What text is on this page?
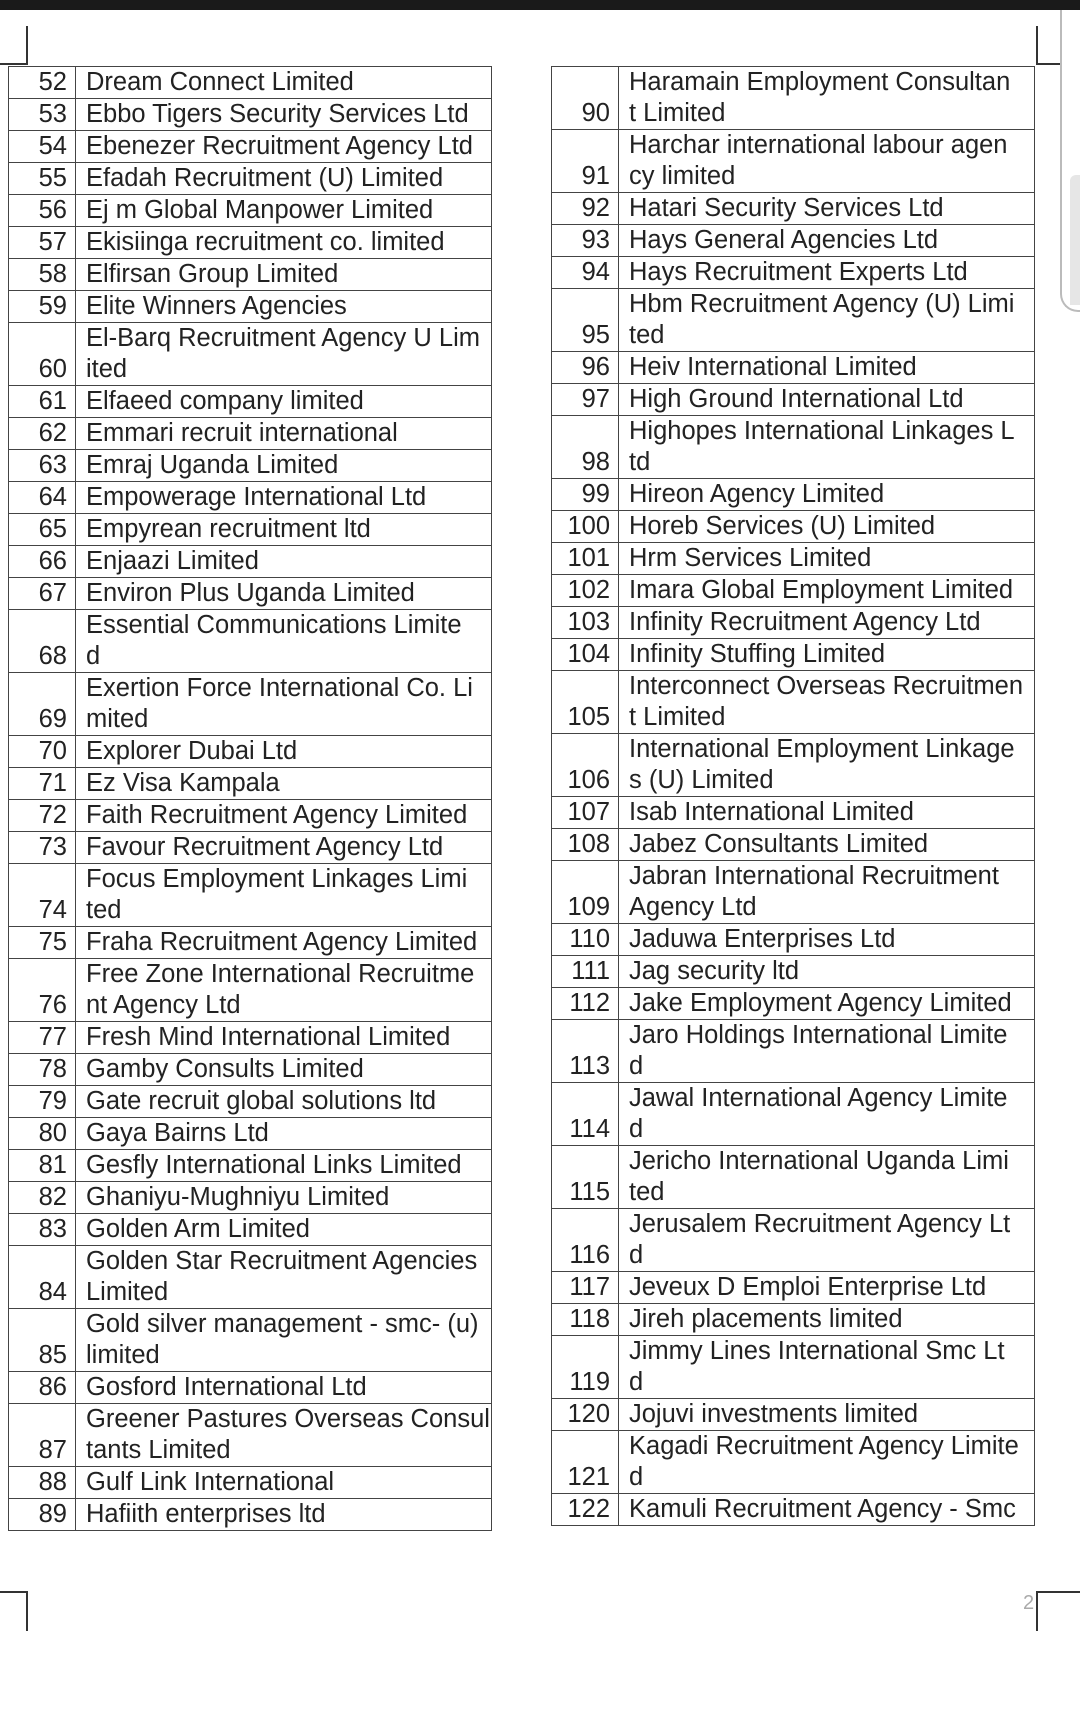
52	Dream Connect Limited
53	Ebbo Tigers Security Services Ltd
54	Ebenezer Recruitment Agency Ltd
55	Efadah Recruitment (U) Limited
56	Ej m Global Manpower Limited
57	Ekisiinga recruitment co. limited
58	Elfirsan Group Limited
59	Elite Winners Agencies
60	El-Barq Recruitment Agency U Lim
ited
61	Elfaeed company limited
62	Emmari recruit international
63	Emraj Uganda Limited
64	Empowerage International Ltd
65	Empyrean recruitment ltd
66	Enjaazi Limited
67	Environ Plus Uganda Limited
68	Essential Communications Limite
d
69	Exertion Force International Co. Li
mited
70	Explorer Dubai Ltd
71	Ez Visa Kampala
72	Faith Recruitment Agency Limited
73	Favour Recruitment Agency Ltd
74	Focus Employment Linkages Limi
ted
75	Fraha Recruitment Agency Limited
76	Free Zone International Recruitme
nt Agency Ltd
77	Fresh Mind International Limited
78	Gamby Consults Limited
79	Gate recruit global solutions ltd
80	Gaya Bairns Ltd
81	Gesfly International Links Limited
82	Ghaniyu-Mughniyu Limited
83	Golden Arm Limited
84	Golden Star Recruitment Agencies
Limited
85	Gold silver management - smc- (u)
limited
86	Gosford International Ltd
87	Greener Pastures Overseas Consul
tants Limited
88	Gulf Link International
89	Hafiith enterprises ltd
90	Haramain Employment Consultan
t Limited
91	Harchar international labour agen
cy limited
92	Hatari Security Services Ltd
93	Hays General Agencies Ltd
94	Hays Recruitment Experts Ltd
95	Hbm Recruitment Agency (U) Limi
ted
96	Heiv International Limited
97	High Ground International Ltd
98	Highopes International Linkages L
td
99	Hireon Agency Limited
100	Horeb Services (U) Limited
101	Hrm Services Limited
102	Imara Global Employment Limited
103	Infinity Recruitment Agency Ltd
104	Infinity Stuffing Limited
105	Interconnect Overseas Recruitmen
t Limited
106	International Employment Linkage
s (U) Limited
107	Isab International Limited
108	Jabez Consultants Limited
109	Jabran International Recruitment
Agency Ltd
110	Jaduwa Enterprises Ltd
111	Jag security ltd
112	Jake Employment Agency Limited
113	Jaro Holdings International Limite
d
114	Jawal International Agency Limite
d
115	Jericho International Uganda Limi
ted
116	Jerusalem Recruitment Agency Lt
d
117	Jeveux D Emploi Enterprise Ltd
118	Jireh placements limited
119	Jimmy Lines International Smc Lt
d
120	Jojuvi investments limited
121	Kagadi Recruitment Agency Limite
d
122	Kamuli Recruitment Agency - Smc
2
